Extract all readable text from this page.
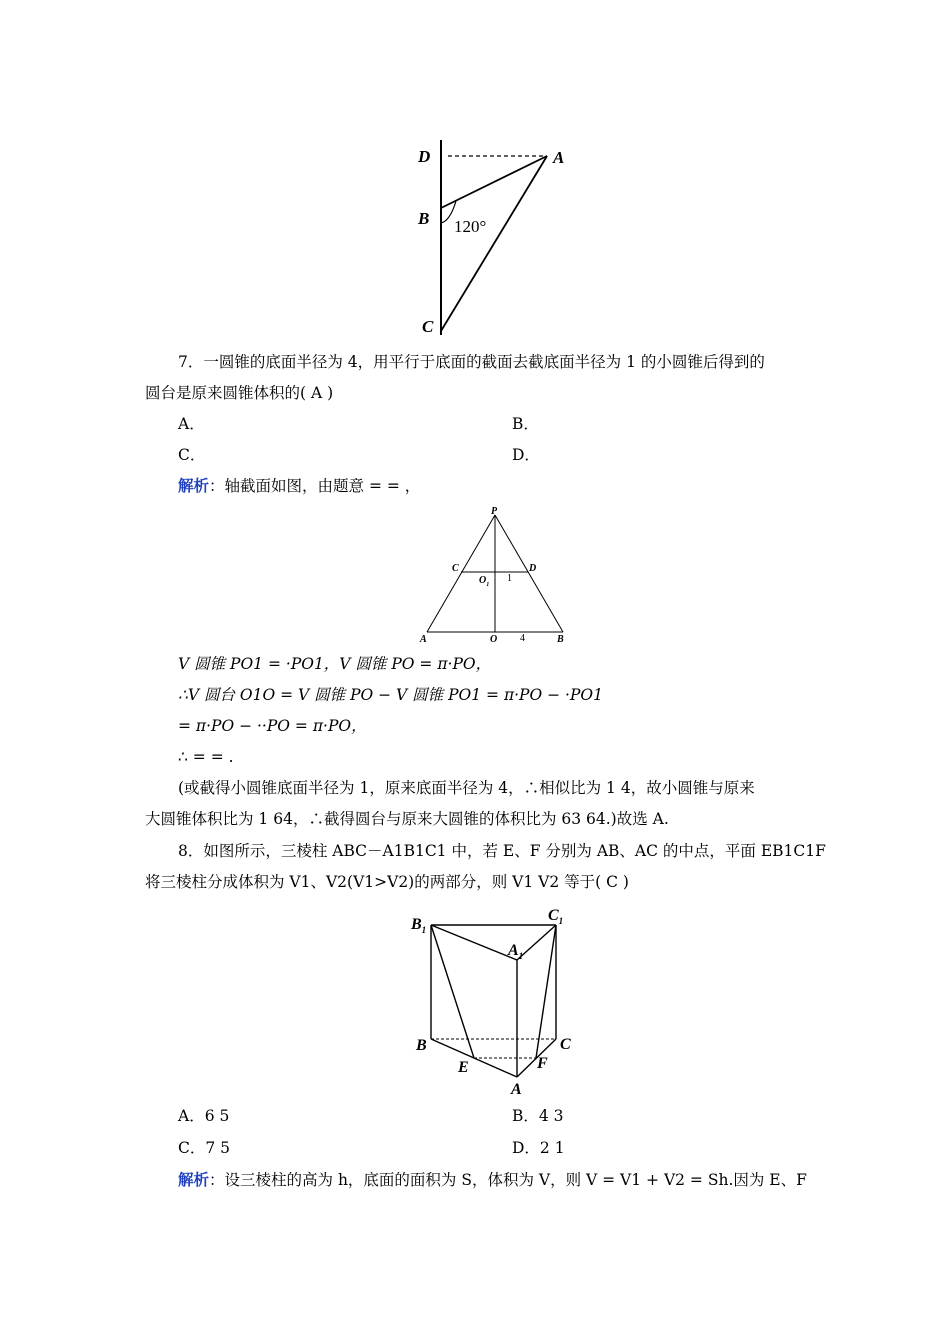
D	A
B
C
120°
7．一圆锥的底面半径为 4，用平行于底面的截面去截底面半径为 1 的小圆锥后得到的
圆台是原来圆锥体积的( A )
A．	B．
C．	D．
解析：轴截面如图，由题意 = = ，
P
C	D
$O_1$
1
A	O 4	B
V 圆锥 PO1 = ·PO1，V 圆锥 PO = π·PO，
∴V 圆台 O1O = V 圆锥 PO − V 圆锥 PO1 = π·PO − ·PO1
= π·PO − ··PO = π·PO，
∴ = = .
(或截得小圆锥底面半径为 1，原来底面半径为 4，∴相似比为 1 4，故小圆锥与原来
大圆锥体积比为 1 64，∴截得圆台与原来大圆锥的体积比为 63 64.)故选 A.
8．如图所示，三棱柱 ABC－A1B1C1 中，若 E、F 分别为 AB、AC 的中点，平面 EB1C1F
将三棱柱分成体积为 V1、V2(V1>V2)的两部分，则 V1 V2 等于( C )
$B_1$
$C_1$
$A_1$
B	C
E	F
A
A．6 5	B．4 3
C．7 5	D．2 1
解析：设三棱柱的高为 h，底面的面积为 S，体积为 V，则 V = V1 + V2 = Sh.因为 E、F
